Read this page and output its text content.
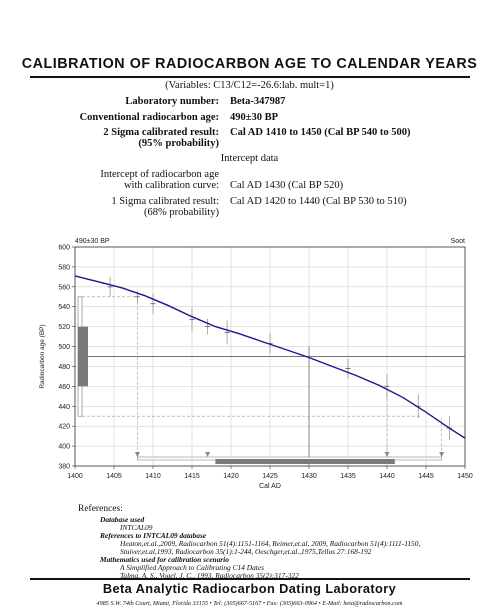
CALIBRATION OF RADIOCARBON AGE TO CALENDAR YEARS
(Variables: C13/C12=-26.6:lab. mult=1)
Laboratory number: Beta-347987
Conventional radiocarbon age: 490±30 BP
2 Sigma calibrated result:
(95% probability)
Cal AD 1410 to 1450 (Cal BP 540 to 500)
Intercept data
Intercept of radiocarbon age
with calibration curve: Cal AD 1430 (Cal BP 520)
1 Sigma calibrated result:
(68% probability)
Cal AD 1420 to 1440 (Cal BP 530 to 510)
1400	1405	1410	1415	1420	1425	1430	1435	1440	1445	1450
380
400
420
440
460
480
500
520
540
560
580
600
Cal AD
Radiocarbon age (BP)
490±30 BP	Soot
References:
Database used
INTCAL09
References to INTCAL09 database
Heaton,et.al.,2009, Radiocarbon 51(4):1151-1164, Reimer,et.al, 2009, Radiocarbon 51(4):1111-1150,
Stuiver,et.al,1993, Radiocarbon 35(1):1-244, Oeschger,et.al.,1975,Tellus 27:168-192
Mathematics used for calibration scenario
A Simplified Approach to Calibrating C14 Dates
Talma, A. S., Vogel, J. C., 1993, Radiocarbon 35(2):317-322
Beta Analytic Radiocarbon Dating Laboratory
4985 S.W. 74th Court, Miami, Florida 33155 • Tel: (305)667-5167 • Fax: (305)663-0964 • E-Mail: beta@radiocarbon.com
